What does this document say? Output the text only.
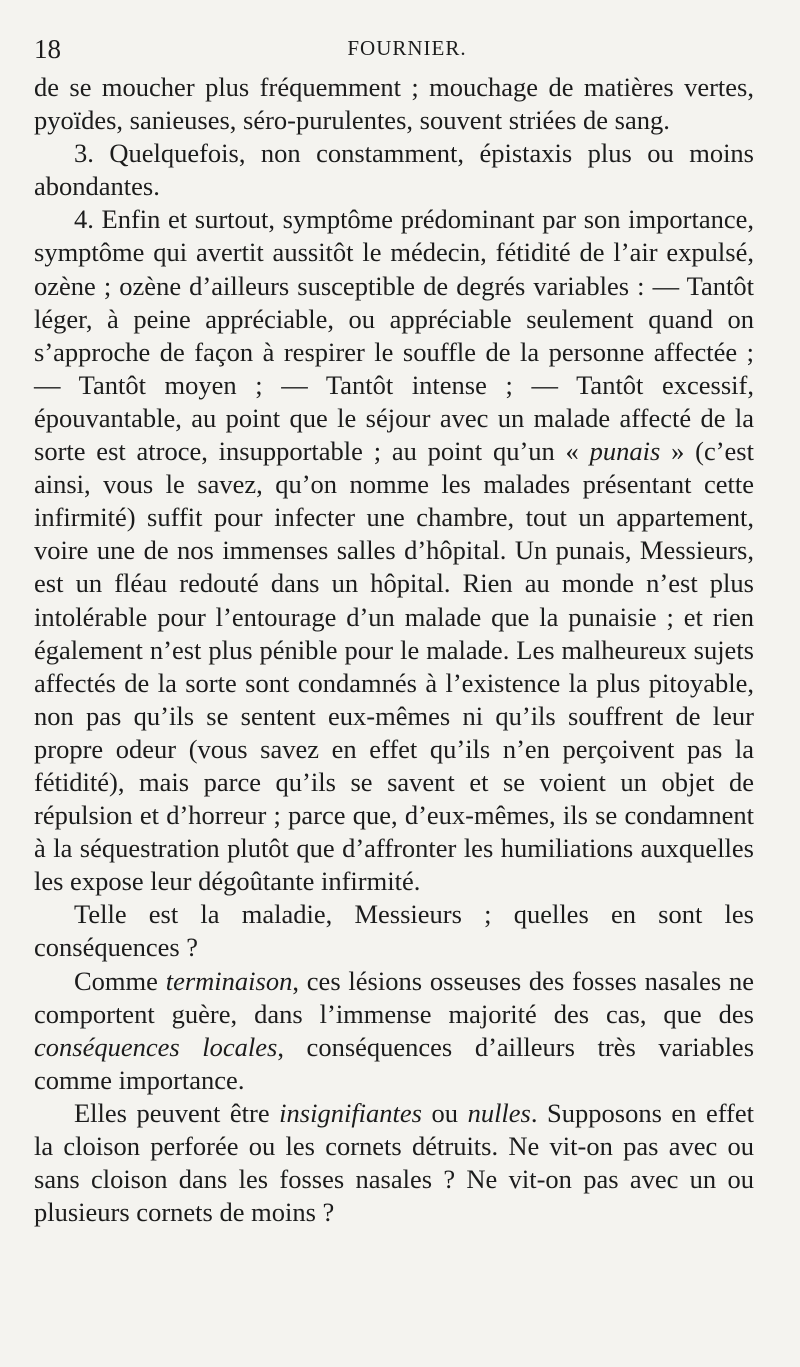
18	FOURNIER.

de se moucher plus fréquemment ; mouchage de matières vertes, pyoïdes, sanieuses, séro-purulentes, souvent striées de sang.

3. Quelquefois, non constamment, épistaxis plus ou moins abondantes.

4. Enfin et surtout, symptôme prédominant par son importance, symptôme qui avertit aussitôt le médecin, fétidité de l’air expulsé, ozène ; ozène d’ailleurs susceptible de degrés variables : — Tantôt léger, à peine appréciable, ou appréciable seulement quand on s’approche de façon à respirer le souffle de la personne affectée ; — Tantôt moyen ; — Tantôt intense ; — Tantôt excessif, épouvantable, au point que le séjour avec un malade affecté de la sorte est atroce, insupportable ; au point qu’un « punais » (c’est ainsi, vous le savez, qu’on nomme les malades présentant cette infirmité) suffit pour infecter une chambre, tout un appartement, voire une de nos immenses salles d’hôpital. Un punais, Messieurs, est un fléau redouté dans un hôpital. Rien au monde n’est plus intolérable pour l’entourage d’un malade que la punaisie ; et rien également n’est plus pénible pour le malade. Les malheureux sujets affectés de la sorte sont condamnés à l’existence la plus pitoyable, non pas qu’ils se sentent eux-mêmes ni qu’ils souffrent de leur propre odeur (vous savez en effet qu’ils n’en perçoivent pas la fétidité), mais parce qu’ils se savent et se voient un objet de répulsion et d’horreur ; parce que, d’eux-mêmes, ils se condamnent à la séquestration plutôt que d’affronter les humiliations auxquelles les expose leur dégoûtante infirmité.

Telle est la maladie, Messieurs ; quelles en sont les conséquences ?

Comme terminaison, ces lésions osseuses des fosses nasales ne comportent guère, dans l’immense majorité des cas, que des conséquences locales, conséquences d’ailleurs très variables comme importance.

Elles peuvent être insignifiantes ou nulles. Supposons en effet la cloison perforée ou les cornets détruits. Ne vit-on pas avec ou sans cloison dans les fosses nasales ? Ne vit-on pas avec un ou plusieurs cornets de moins ?
